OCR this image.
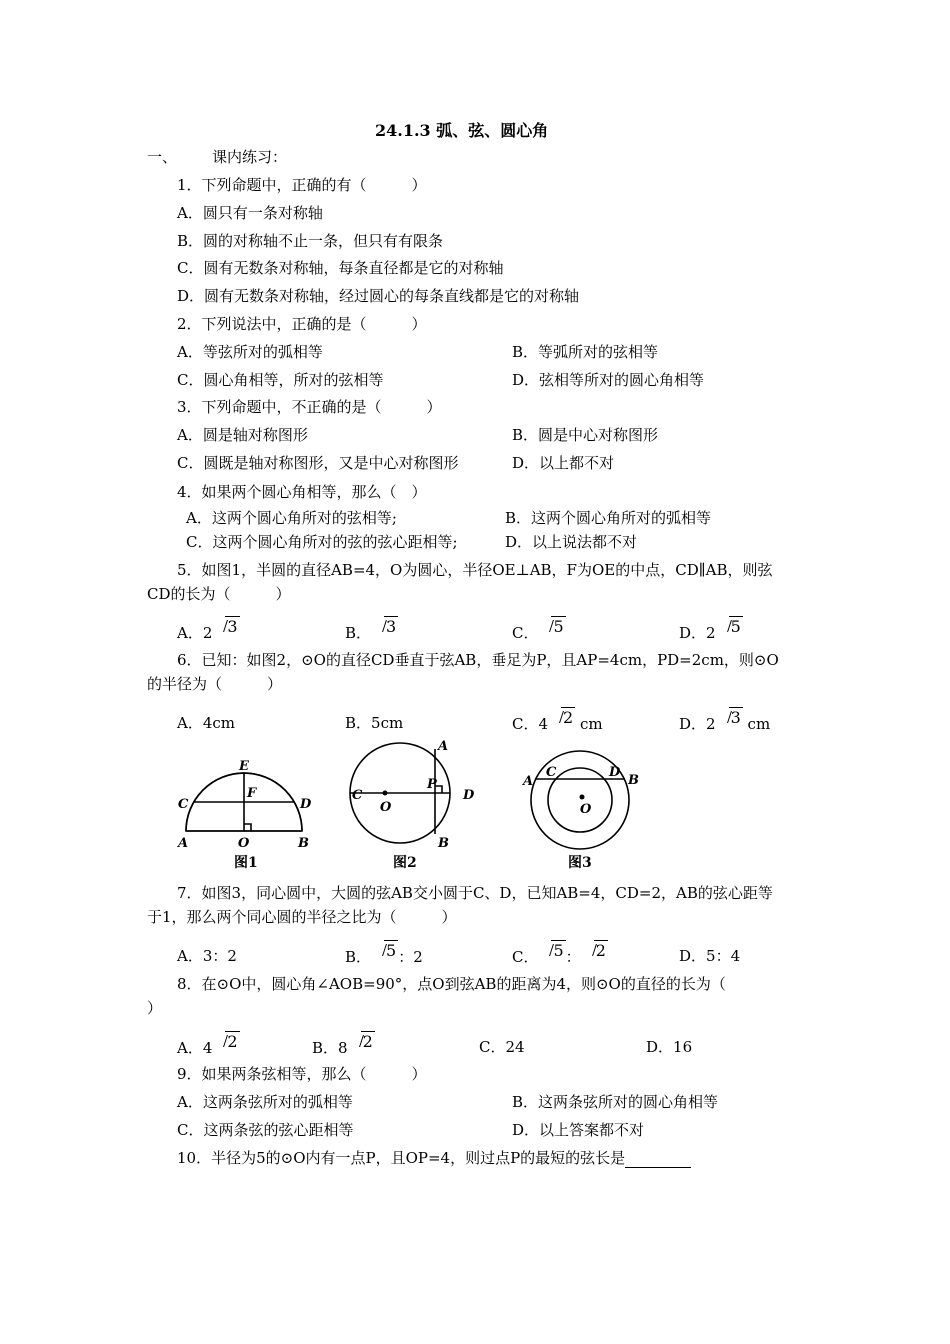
24.1.3 弧、弦、圆心角
一、 课内练习：
1．下列命题中，正确的有（　　　）
A．圆只有一条对称轴
B．圆的对称轴不止一条，但只有有限条
C．圆有无数条对称轴，每条直径都是它的对称轴
D．圆有无数条对称轴，经过圆心的每条直线都是它的对称轴
2．下列说法中，正确的是（　　　）
A．等弦所对的弧相等	B．等弧所对的弦相等
C．圆心角相等，所对的弦相等	D．弦相等所对的圆心角相等
3．下列命题中，不正确的是（　　　）
A．圆是轴对称图形	B．圆是中心对称图形
C．圆既是轴对称图形，又是中心对称图形	D．以上都不对
4．如果两个圆心角相等，那么（　）
A．这两个圆心角所对的弦相等;	B．这两个圆心角所对的弧相等
C．这两个圆心角所对的弦的弦心距相等;	D．以上说法都不对
5．如图1，半圆的直径AB=4，O为圆心，半径OE⊥AB，F为OE的中点，CD∥AB，则弦
CD的长为（　　　）
A．2 3	B． 3	C． 5	D．2 5
6．已知：如图2，⊙O的直径CD垂直于弦AB，垂足为P，且AP=4cm，PD=2cm，则⊙O
的半径为（　　　）
A．4cm	B．5cm	C．4 2 cm	D．2 3 cm
E
C
F
D
A	O	B
图1
A
P
C
O
D
B
图2
A
C	D
B
O
图3
7．如图3，同心圆中，大圆的弦AB交小圆于C、D，已知AB=4，CD=2，AB的弦心距等
于1，那么两个同心圆的半径之比为（　　　）
A．3：2	B． 5 ：2	C． 5 ： 2	D．5：4
8．在⊙O中，圆心角∠AOB=90°，点O到弦AB的距离为4，则⊙O的直径的长为（
）
A．4 2	B．8 2	C．24	D．16
9．如果两条弦相等，那么（　　　）
A．这两条弦所对的弧相等	B．这两条弦所对的圆心角相等
C．这两条弦的弦心距相等	D．以上答案都不对
10．半径为5的⊙O内有一点P，且OP=4，则过点P的最短的弦长是
